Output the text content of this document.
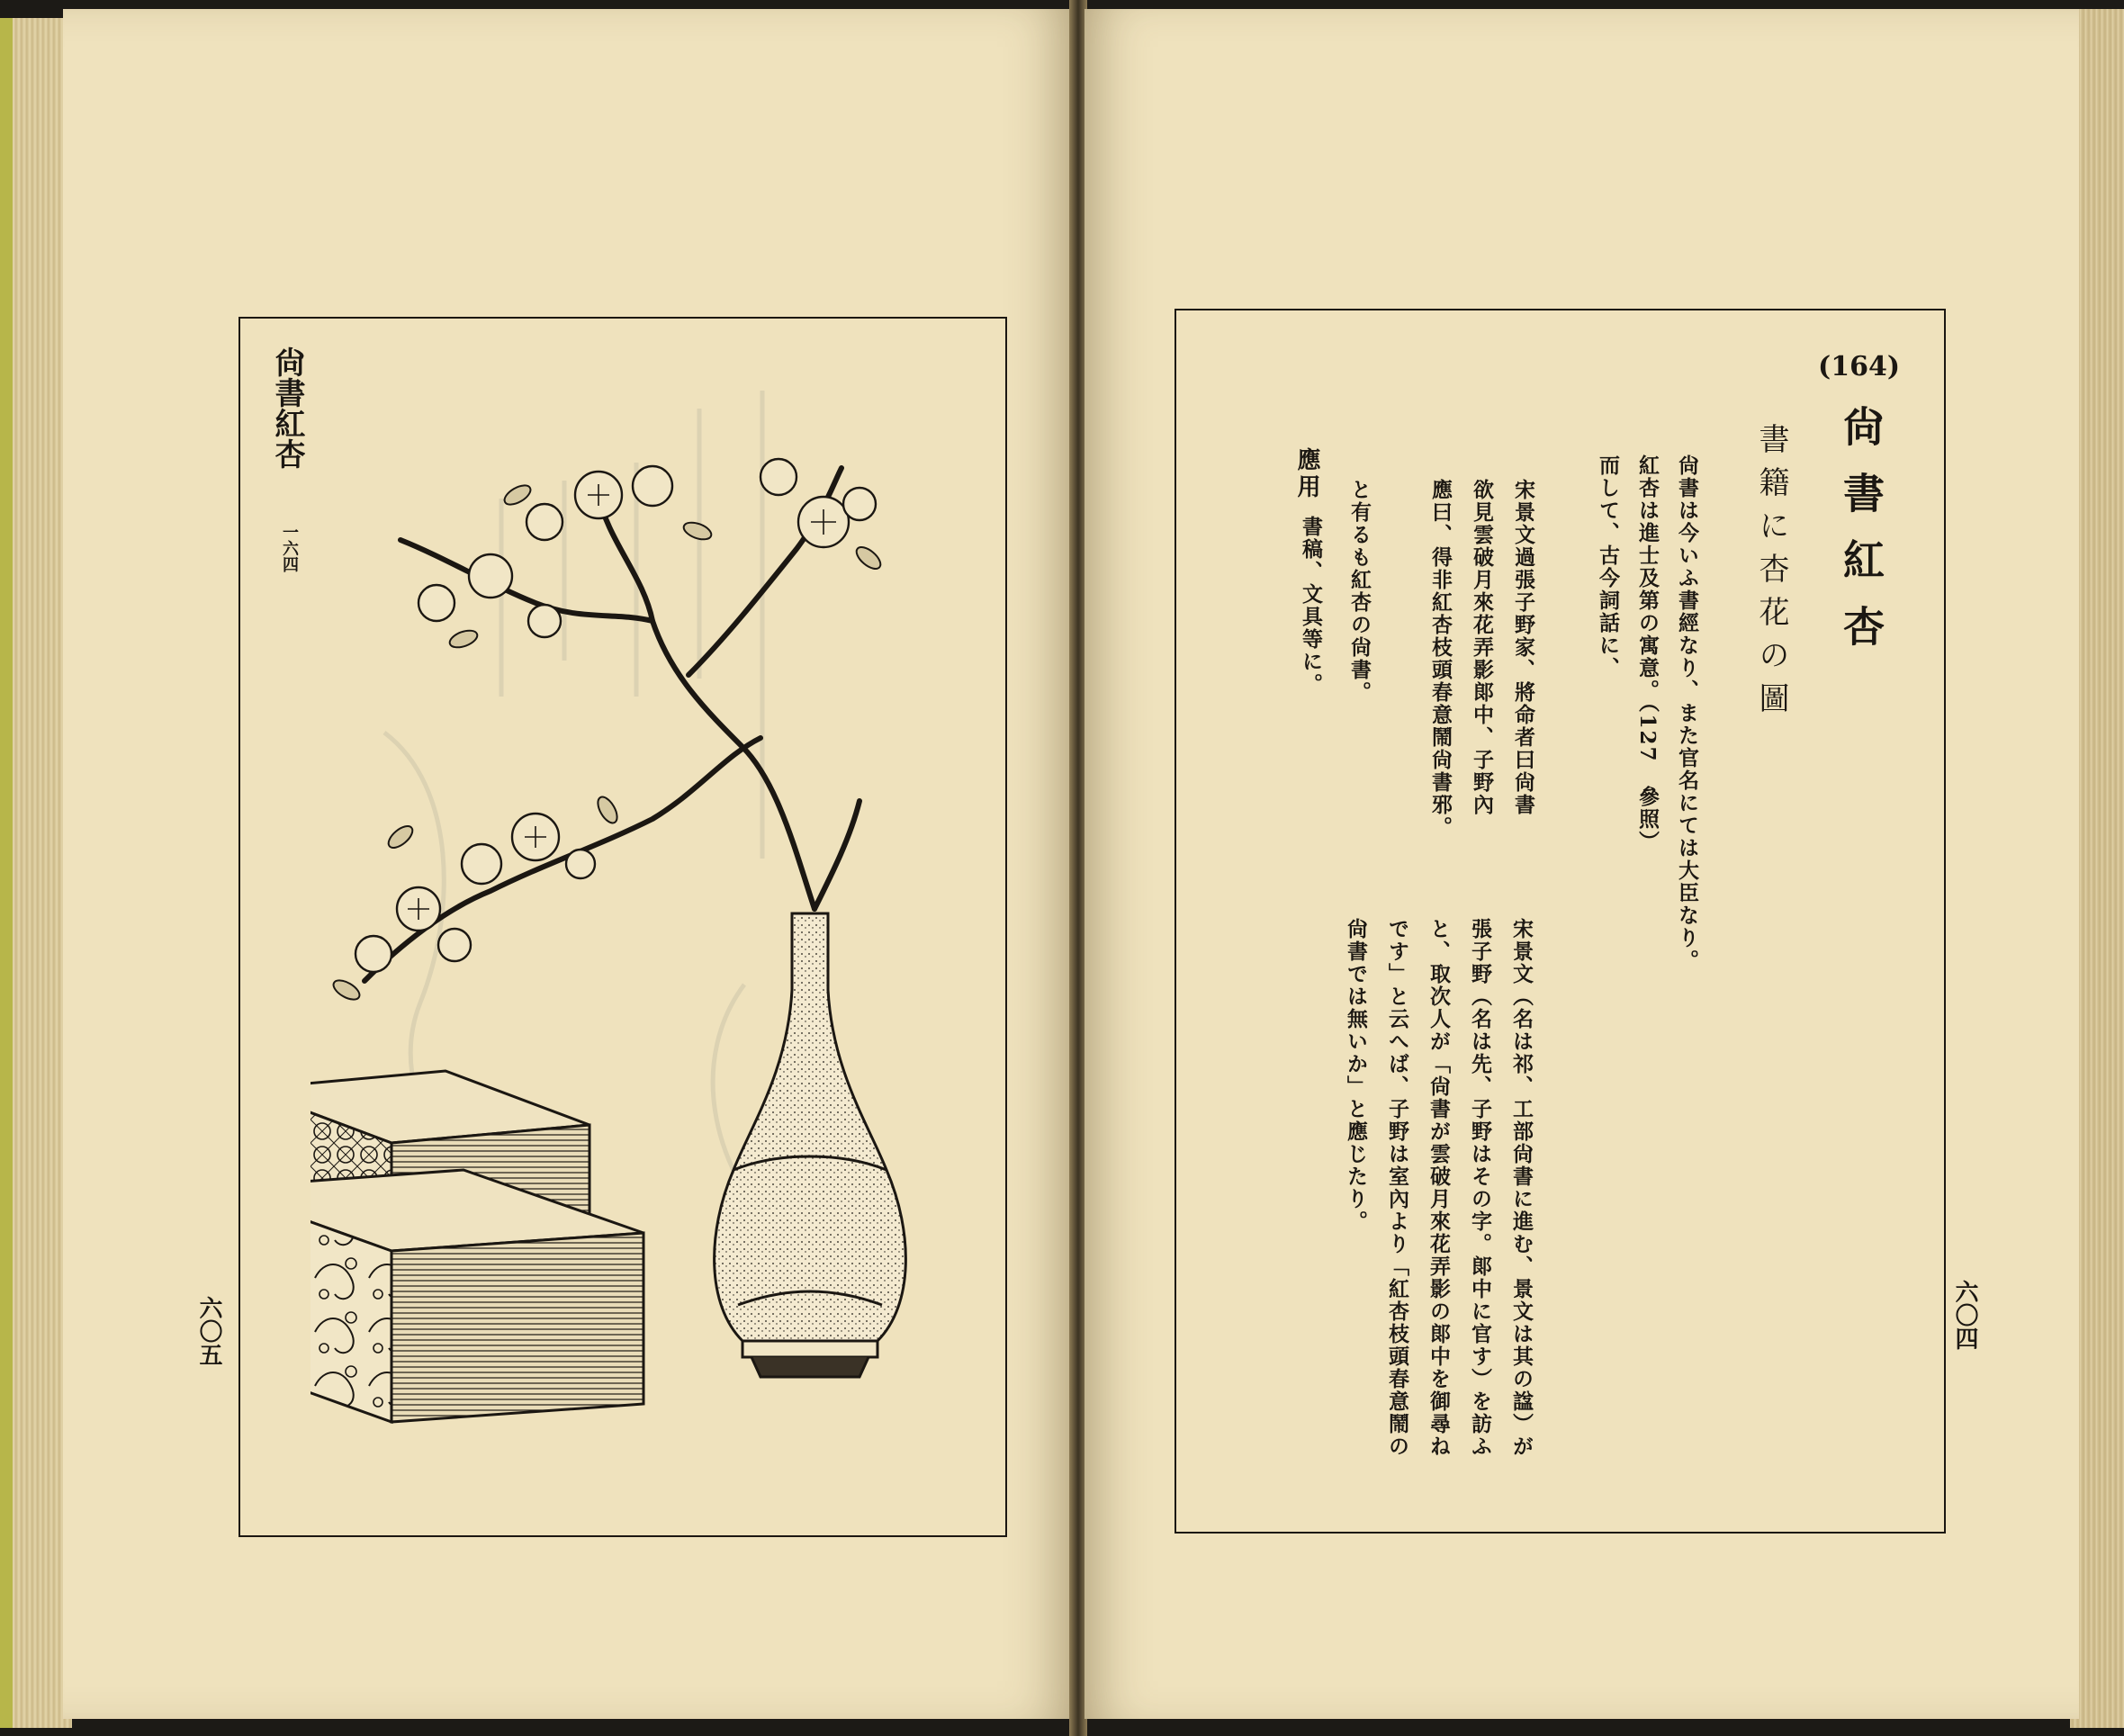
尙書紅杏
一六四
六〇五
(164)
尙書紅杏
書籍に杏花の圖
尙書は今いふ書經なり、また官名にては大臣なり。
紅杏は進士及第の寓意。（127　參照）
而して、古今詞話に、
宋景文過張子野家、將命者曰尙書
欲見雲破月來花弄影郞中、子野內
應曰、得非紅杏枝頭春意鬧尙書邪。
と有るも紅杏の尙書。
應用
書稿、文具等に。
宋景文（名は祁、工部尙書に進む、景文は其の諡）が
張子野（名は先、子野はその字。郞中に官す）を訪ふ
と、取次人が「尙書が雲破月來花弄影の郞中を御尋ね
です」と云へば、子野は室內より「紅杏枝頭春意鬧の
尙書では無いか」と應じたり。
六〇四
